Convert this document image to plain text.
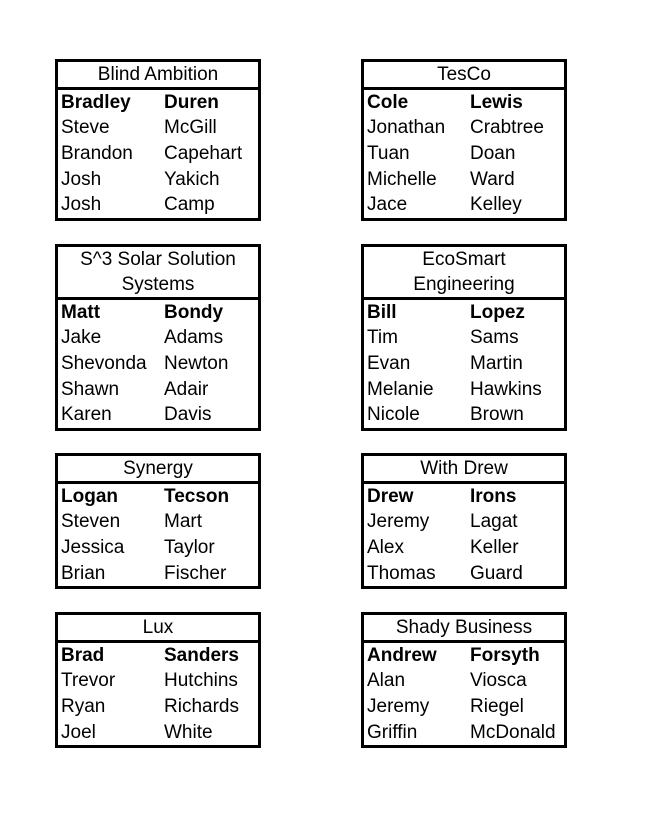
Blind Ambition
Bradley	Duren
Steve	McGill
Brandon	Capehart
Josh	Yakich
Josh	Camp
TesCo
Cole	Lewis
Jonathan	Crabtree
Tuan	Doan
Michelle	Ward
Jace	Kelley
S^3 Solar Solution Systems
Matt	Bondy
Jake	Adams
Shevonda Newton
Shawn	Adair
Karen	Davis
EcoSmart Engineering
Bill	Lopez
Tim	Sams
Evan	Martin
Melanie	Hawkins
Nicole	Brown
Synergy
Logan	Tecson
Steven	Mart
Jessica	Taylor
Brian	Fischer
With Drew
Drew	Irons
Jeremy	Lagat
Alex	Keller
Thomas	Guard
Lux
Brad	Sanders
Trevor	Hutchins
Ryan	Richards
Joel	White
Shady Business
Andrew	Forsyth
Alan	Viosca
Jeremy	Riegel
Griffin	McDonald
